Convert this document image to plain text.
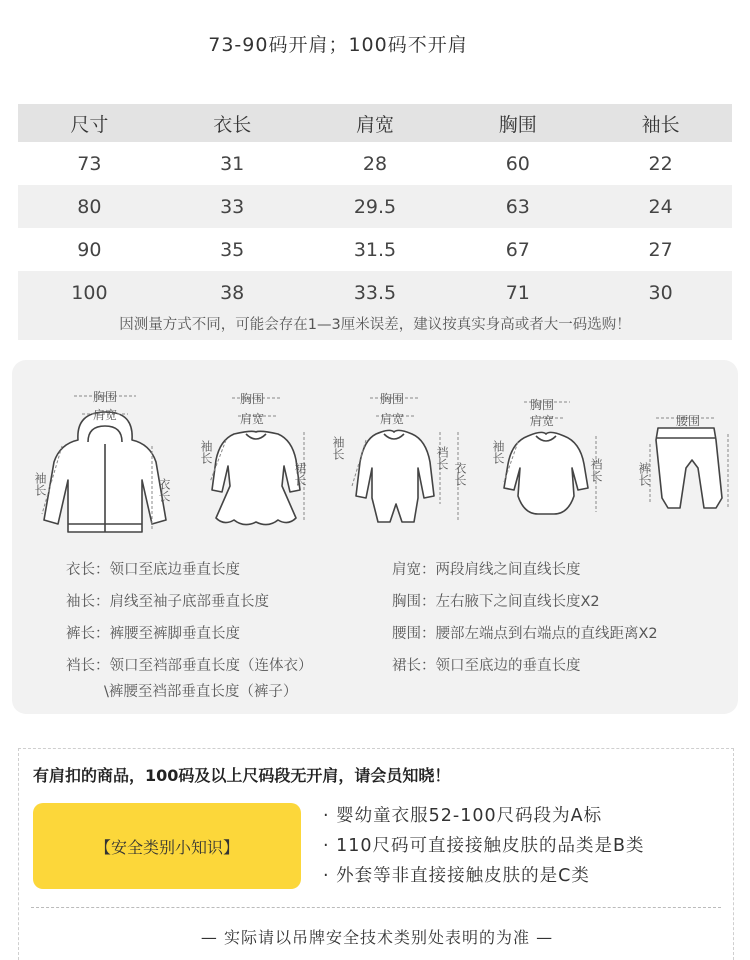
73-90码开肩；100码不开肩
尺寸	衣长	肩宽	胸围	袖长
73	31	28	60	22
80	33	29.5	63	24
90	35	31.5	67	27
100	38	33.5	71	30
因测量方式不同，可能会存在1—3厘米误差，建议按真实身高或者大一码选购！
胸围
肩宽
袖长	衣长
胸围
肩宽
袖长
裙长
胸围
肩宽
袖长	裆长
衣长
胸围
肩宽
袖长
裆长
腰围
裤长
衣长：领口至底边垂直长度
袖长：肩线至袖子底部垂直长度
裤长：裤腰至裤脚垂直长度
裆长：领口至裆部垂直长度（连体衣）
\裤腰至裆部垂直长度（裤子）
肩宽：两段肩线之间直线长度
胸围：左右腋下之间直线长度X2
腰围：腰部左端点到右端点的直线距离X2
裙长：领口至底边的垂直长度
有肩扣的商品，100码及以上尺码段无开肩，请会员知晓！
【安全类别小知识】
· 婴幼童衣服52-100尺码段为A标
· 110尺码可直接接触皮肤的品类是B类
· 外套等非直接接触皮肤的是C类
— 实际请以吊牌安全技术类别处表明的为准 —
